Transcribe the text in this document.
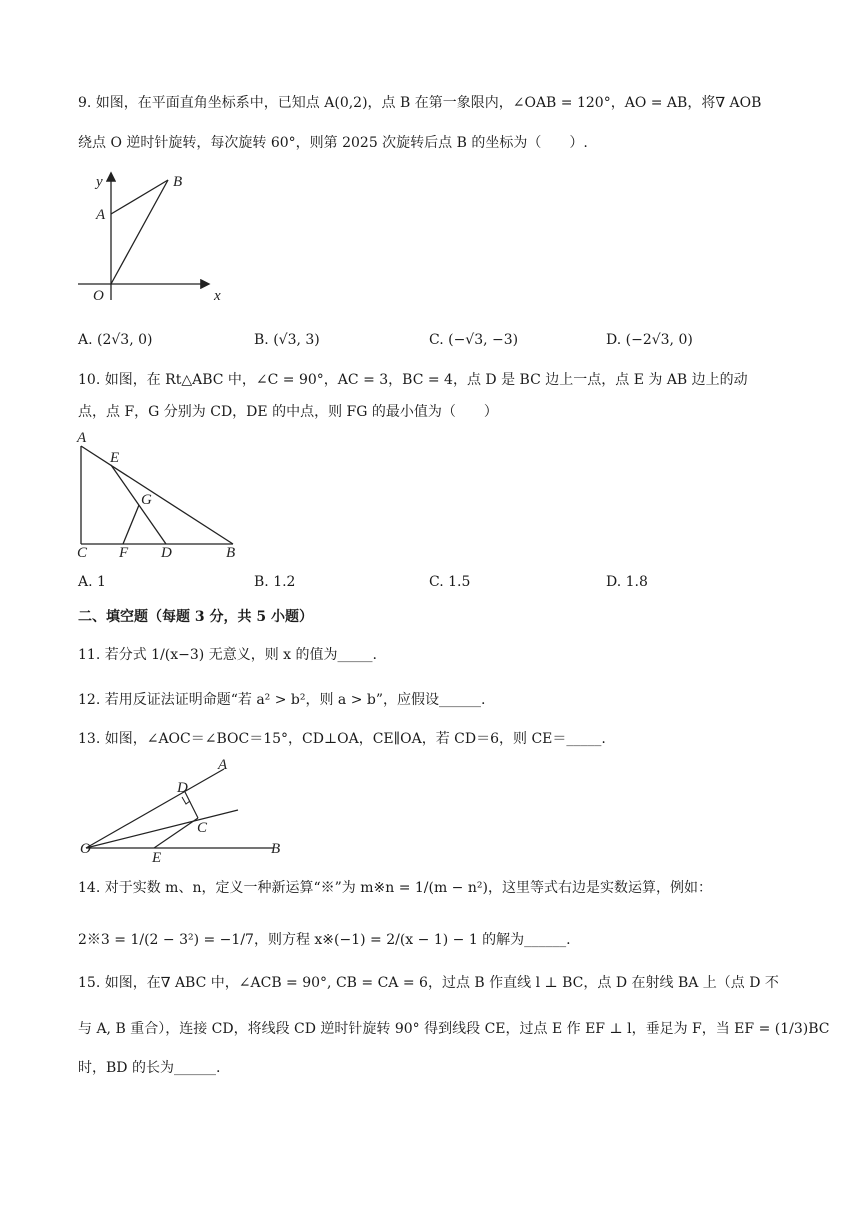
9. 如图，在平面直角坐标系中，已知点 A(0,2)，点 B 在第一象限内，∠OAB = 120°，AO = AB，将∇ AOB
绕点 O 逆时针旋转，每次旋转 60°，则第 2025 次旋转后点 B 的坐标为（　　）.
y
x
A
B
O
A. (2√3, 0)	B. (√3, 3)	C. (−√3, −3)	D. (−2√3, 0)
10. 如图，在 Rt△ABC 中，∠C = 90°，AC = 3，BC = 4，点 D 是 BC 边上一点，点 E 为 AB 边上的动
点，点 F，G 分别为 CD，DE 的中点，则 FG 的最小值为（　　）
A
E
G
C F D	B
A. 1	B. 1.2	C. 1.5	D. 1.8
二、填空题（每题 3 分，共 5 小题）
11. 若分式 1/(x−3) 无意义，则 x 的值为_____.
12. 若用反证法证明命题“若 a² > b²，则 a > b”，应假设______.
13. 如图，∠AOC＝∠BOC＝15°，CD⊥OA，CE∥OA，若 CD＝6，则 CE＝_____.
A
D
C
O
E
B
14. 对于实数 m、n，定义一种新运算“※”为 m※n = 1/(m − n²)，这里等式右边是实数运算，例如：
2※3 = 1/(2 − 3²) = −1/7，则方程 x※(−1) = 2/(x − 1) − 1 的解为______.
15. 如图，在∇ ABC 中，∠ACB = 90°, CB = CA = 6，过点 B 作直线 l ⊥ BC，点 D 在射线 BA 上（点 D 不
与 A, B 重合），连接 CD，将线段 CD 逆时针旋转 90° 得到线段 CE，过点 E 作 EF ⊥ l，垂足为 F，当 EF = (1/3)BC
时，BD 的长为______.
